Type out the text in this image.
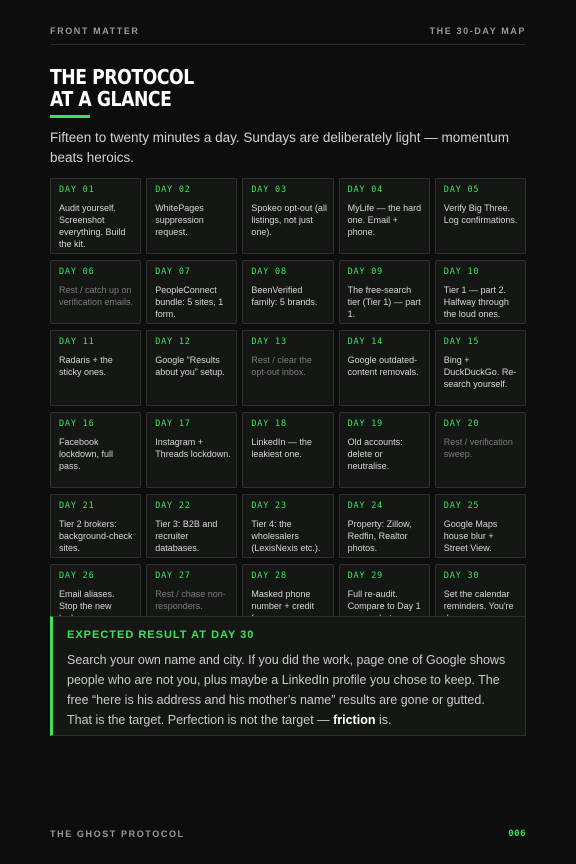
FRONT MATTER	THE 30-DAY MAP
THE PROTOCOL
AT A GLANCE

Fifteen to twenty minutes a day. Sundays are deliberately light — momentum beats heroics.

DAY 01
Audit yourself. Screenshot everything. Build the kit.
DAY 02
WhitePages suppression request.
DAY 03
Spokeo opt-out (all listings, not just one).
DAY 04
MyLife — the hard one. Email + phone.
DAY 05
Verify Big Three. Log confirmations.
DAY 06
Rest / catch up on verification emails.
DAY 07
PeopleConnect bundle: 5 sites, 1 form.
DAY 08
BeenVerified family: 5 brands.
DAY 09
The free-search tier (Tier 1) — part 1.
DAY 10
Tier 1 — part 2. Halfway through the loud ones.
DAY 11
Radaris + the sticky ones.
DAY 12
Google “Results about you” setup.
DAY 13
Rest / clear the opt-out inbox.
DAY 14
Google outdated-content removals.
DAY 15
Bing + DuckDuckGo. Re-search yourself.
DAY 16
Facebook lockdown, full pass.
DAY 17
Instagram + Threads lockdown.
DAY 18
LinkedIn — the leakiest one.
DAY 19
Old accounts: delete or neutralise.
DAY 20
Rest / verification sweep.
DAY 21
Tier 2 brokers: background-check sites.
DAY 22
Tier 3: B2B and recruiter databases.
DAY 23
Tier 4: the wholesalers (LexisNexis etc.).
DAY 24
Property: Zillow, Redfin, Realtor photos.
DAY 25
Google Maps house blur + Street View.
DAY 26
Email aliases. Stop the new
DAY 27
Rest / chase non-responders.
DAY 28
Masked phone number + credit
DAY 29
Full re-audit. Compare to Day 1
DAY 30
Set the calendar reminders. You're
EXPECTED RESULT AT DAY 30

Search your own name and city. If you did the work, page one of Google shows people who are not you, plus maybe a LinkedIn profile you chose to keep. The free “here is his address and his mother’s name” results are gone or gutted. That is the target. Perfection is not the target — friction is.

THE GHOST PROTOCOL	006
